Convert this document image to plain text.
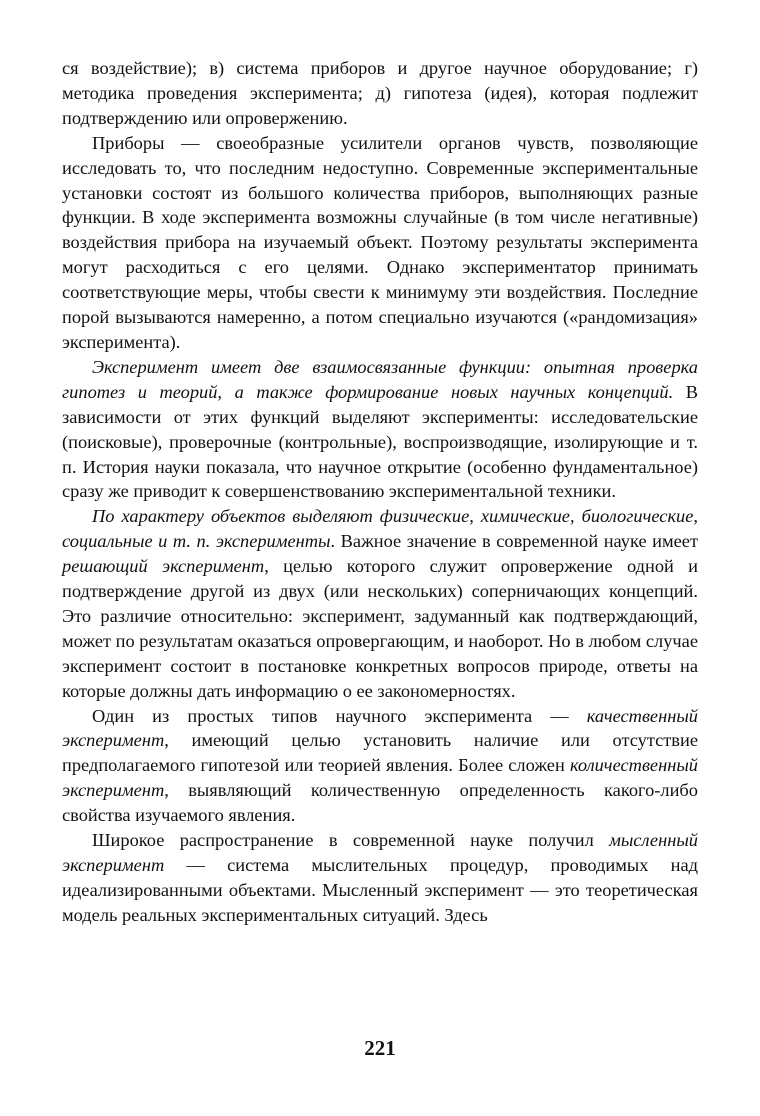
ся воздействие); в) система приборов и другое научное оборудование; г) методика проведения эксперимента; д) гипотеза (идея), которая подлежит подтверждению или опровержению.

Приборы — своеобразные усилители органов чувств, позволяющие исследовать то, что последним недоступно. Современные экспериментальные установки состоят из большого количества приборов, выполняющих разные функции. В ходе эксперимента возможны случайные (в том числе негативные) воздействия прибора на изучаемый объект. Поэтому результаты эксперимента могут расходиться с его целями. Однако экспериментатор принимать соответствующие меры, чтобы свести к минимуму эти воздействия. Последние порой вызываются намеренно, а потом специально изучаются («рандомизация» эксперимента).

Эксперимент имеет две взаимосвязанные функции: опытная проверка гипотез и теорий, а также формирование новых научных концепций. В зависимости от этих функций выделяют эксперименты: исследовательские (поисковые), проверочные (контрольные), воспроизводящие, изолирующие и т. п. История науки показала, что научное открытие (особенно фундаментальное) сразу же приводит к совершенствованию экспериментальной техники.

По характеру объектов выделяют физические, химические, биологические, социальные и т. п. эксперименты. Важное значение в современной науке имеет решающий эксперимент, целью которого служит опровержение одной и подтверждение другой из двух (или нескольких) соперничающих концепций. Это различие относительно: эксперимент, задуманный как подтверждающий, может по результатам оказаться опровергающим, и наоборот. Но в любом случае эксперимент состоит в постановке конкретных вопросов природе, ответы на которые должны дать информацию о ее закономерностях.

Один из простых типов научного эксперимента — качественный эксперимент, имеющий целью установить наличие или отсутствие предполагаемого гипотезой или теорией явления. Более сложен количественный эксперимент, выявляющий количественную определенность какого-либо свойства изучаемого явления.

Широкое распространение в современной науке получил мысленный эксперимент — система мыслительных процедур, проводимых над идеализированными объектами. Мысленный эксперимент — это теоретическая модель реальных экспериментальных ситуаций. Здесь

221
